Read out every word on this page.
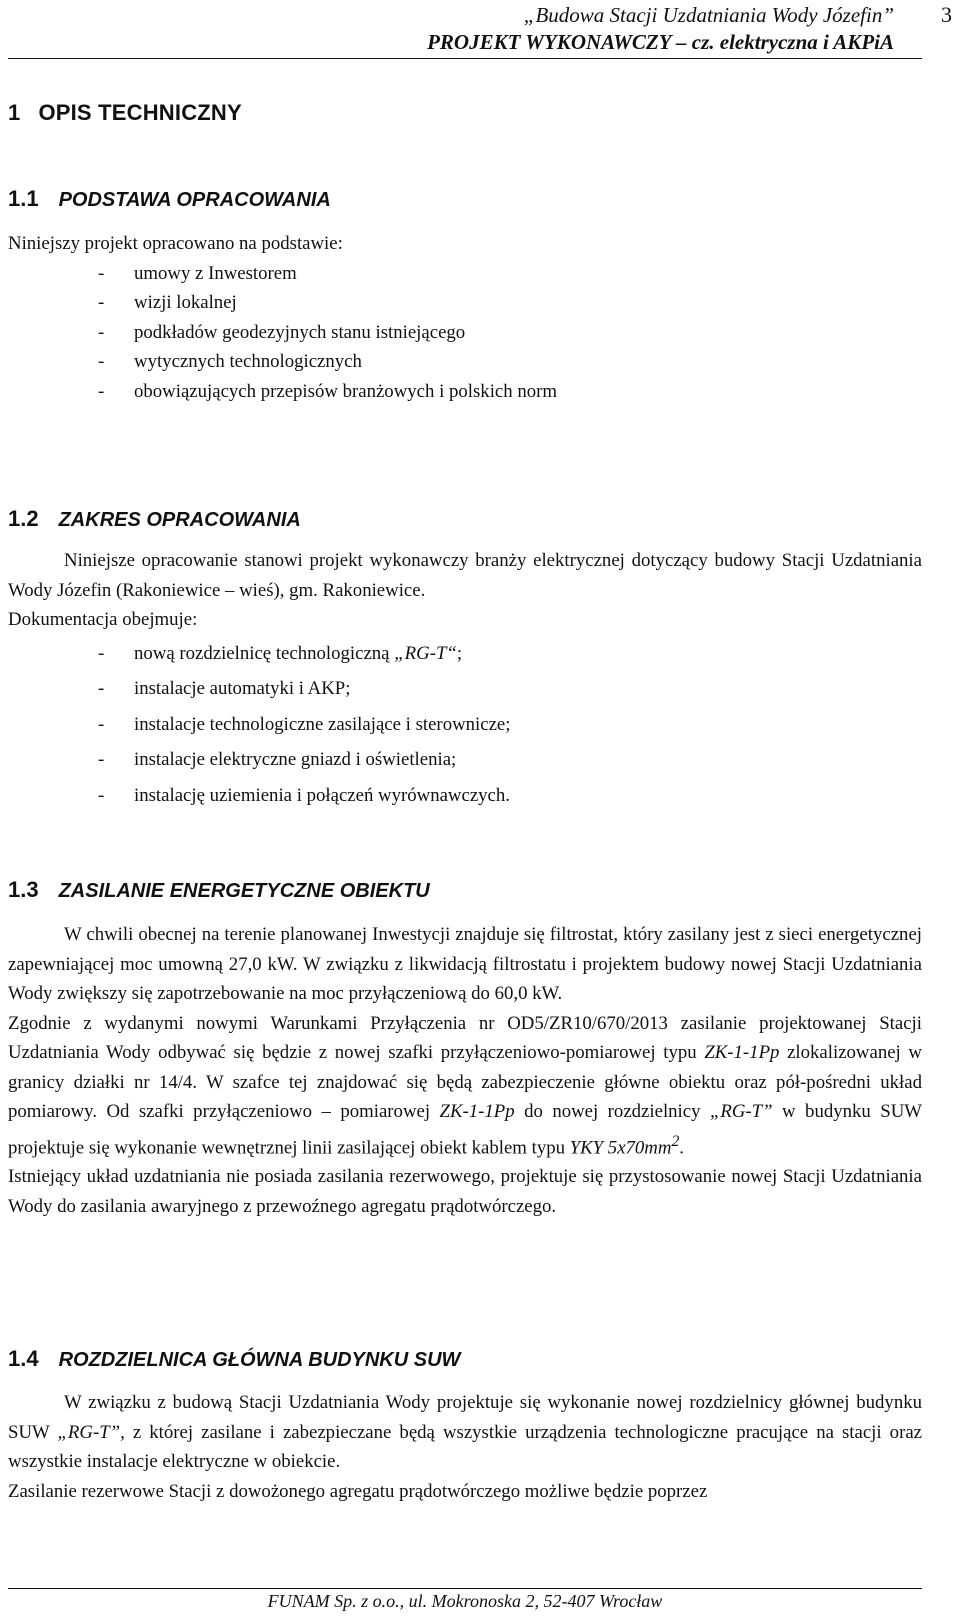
„Budowa Stacji Uzdatniania Wody Józefin”
PROJEKT WYKONAWCZY – cz. elektryczna i AKPiA
3
1 OPIS TECHNICZNY
1.1 PODSTAWA OPRACOWANIA
Niniejszy projekt opracowano na podstawie:
- umowy z Inwestorem
- wizji lokalnej
- podkładów geodezyjnych stanu istniejącego
- wytycznych technologicznych
- obowiązujących przepisów branżowych i polskich norm
1.2 ZAKRES OPRACOWANIA
Niniejsze opracowanie stanowi projekt wykonawczy branży elektrycznej dotyczący budowy Stacji Uzdatniania Wody Józefin (Rakoniewice – wieś), gm. Rakoniewice.
Dokumentacja obejmuje:
- nową rozdzielnicę technologiczną „RG-T“;
- instalacje automatyki i AKP;
- instalacje technologiczne zasilające i sterownicze;
- instalacje elektryczne gniazd i oświetlenia;
- instalację uziemienia i połączeń wyrównawczych.
1.3 ZASILANIE ENERGETYCZNE OBIEKTU
W chwili obecnej na terenie planowanej Inwestycji znajduje się filtrostat, który zasilany jest z sieci energetycznej zapewniającej moc umowną 27,0 kW. W związku z likwidacją filtrostatu i projektem budowy nowej Stacji Uzdatniania Wody zwiększy się zapotrzebowanie na moc przyłączeniową do 60,0 kW.
Zgodnie z wydanymi nowymi Warunkami Przyłączenia nr OD5/ZR10/670/2013 zasilanie projektowanej Stacji Uzdatniania Wody odbywać się będzie z nowej szafki przyłączeniowo-pomiarowej typu ZK-1-1Pp zlokalizowanej w granicy działki nr 14/4. W szafce tej znajdować się będą zabezpieczenie główne obiektu oraz pół-pośredni układ pomiarowy. Od szafki przyłączeniowo – pomiarowej ZK-1-1Pp do nowej rozdzielnicy „RG-T” w budynku SUW projektuje się wykonanie wewnętrznej linii zasilającej obiekt kablem typu YKY $5x70mm^2$.
Istniejący układ uzdatniania nie posiada zasilania rezerwowego, projektuje się przystosowanie nowej Stacji Uzdatniania Wody do zasilania awaryjnego z przewoźnego agregatu prądotwórczego.
1.4 ROZDZIELNICA GŁÓWNA BUDYNKU SUW
W związku z budową Stacji Uzdatniania Wody projektuje się wykonanie nowej rozdzielnicy głównej budynku SUW „RG-T”, z której zasilane i zabezpieczane będą wszystkie urządzenia technologiczne pracujące na stacji oraz wszystkie instalacje elektryczne w obiekcie.
Zasilanie rezerwowe Stacji z dowożonego agregatu prądotwórczego możliwe będzie poprzez
FUNAM Sp. z o.o., ul. Mokronoska 2, 52-407 Wrocław
